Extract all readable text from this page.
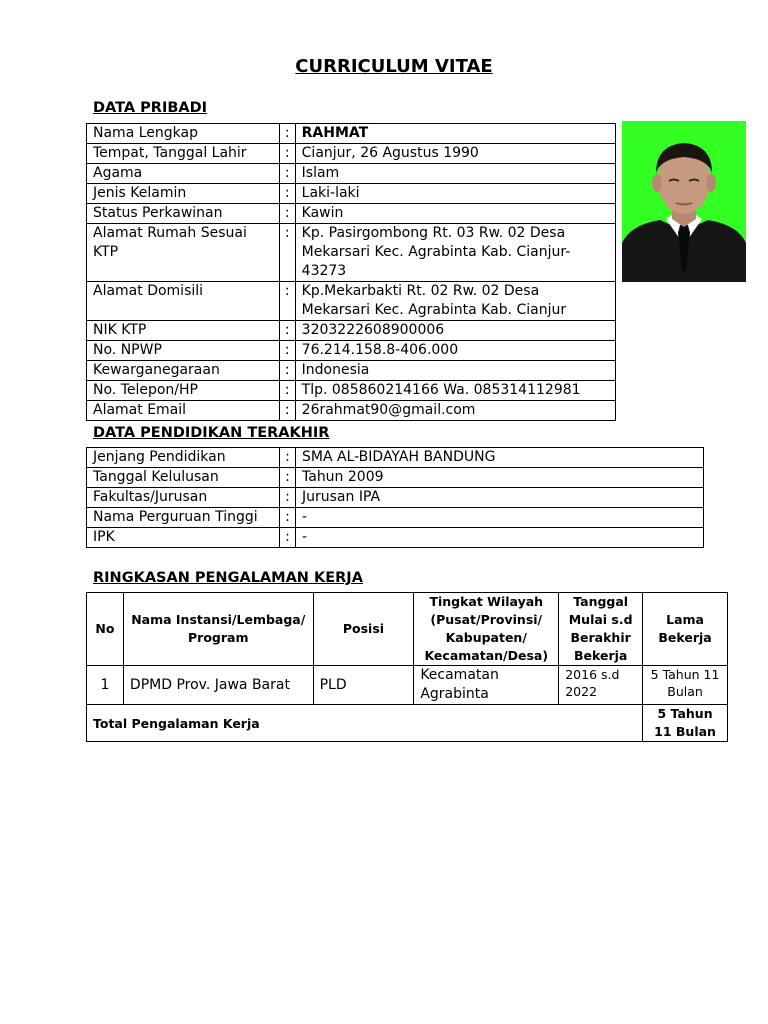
CURRICULUM VITAE
DATA PRIBADI
Nama Lengkap	:	RAHMAT
Tempat, Tanggal Lahir	:	Cianjur, 26 Agustus 1990
Agama	:	Islam
Jenis Kelamin	:	Laki-laki
Status Perkawinan	:	Kawin
Alamat Rumah Sesuai KTP	:	Kp. Pasirgombong Rt. 03 Rw. 02 Desa Mekarsari Kec. Agrabinta Kab. Cianjur-43273
Alamat Domisili	:	Kp.Mekarbakti Rt. 02 Rw. 02 Desa Mekarsari Kec. Agrabinta Kab. Cianjur
NIK KTP	:	3203222608900006
No. NPWP	:	76.214.158.8-406.000
Kewarganegaraan	:	Indonesia
No. Telepon/HP	:	Tlp. 085860214166 Wa. 085314112981
Alamat Email	:	26rahmat90@gmail.com
DATA PENDIDIKAN TERAKHIR
Jenjang Pendidikan	:	SMA AL-BIDAYAH BANDUNG
Tanggal Kelulusan	:	Tahun 2009
Fakultas/Jurusan	:	Jurusan IPA
Nama Perguruan Tinggi	:	-
IPK	:	-
RINGKASAN PENGALAMAN KERJA
No	Nama Instansi/Lembaga/ Program	Posisi	Tingkat Wilayah (Pusat/Provinsi/ Kabupaten/ Kecamatan/Desa)	Tanggal Mulai s.d Berakhir Bekerja	Lama Bekerja
1	DPMD Prov. Jawa Barat	PLD	Kecamatan Agrabinta	2016 s.d 2022	5 Tahun 11 Bulan
Total Pengalaman Kerja					5 Tahun 11 Bulan
